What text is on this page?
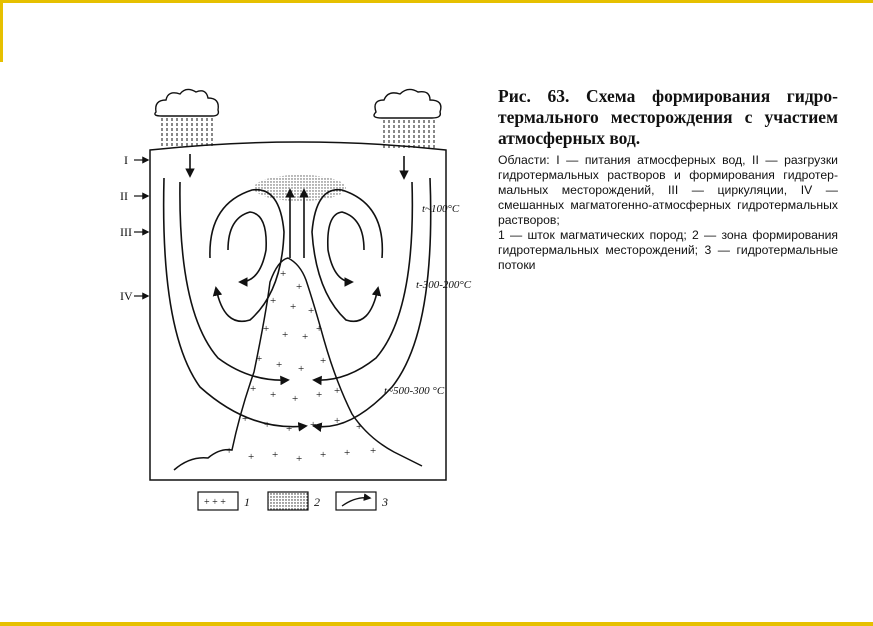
+
+
+ + +
+ + +
+
+ + +
+
+ + + + +
+ + + + + +
+ + + + + + +
I
II
III
IV
t~100°C
t-300-200°C
t~500-300 °C
+ + + 1	2	3
Рис. 63. Схема формирования гидротермального месторождения с участием атмосферных вод.

Области: I — питания атмосферных вод, II — разгрузки гидротермальных растворов и формирования гидротермальных месторождений, III — циркуляции, IV — смешанных магматогенно-атмосферных гидротермальных растворов;

1 — шток магматических пород; 2 — зона формирования гидротермальных месторождений; 3 — гидротермальные потоки
